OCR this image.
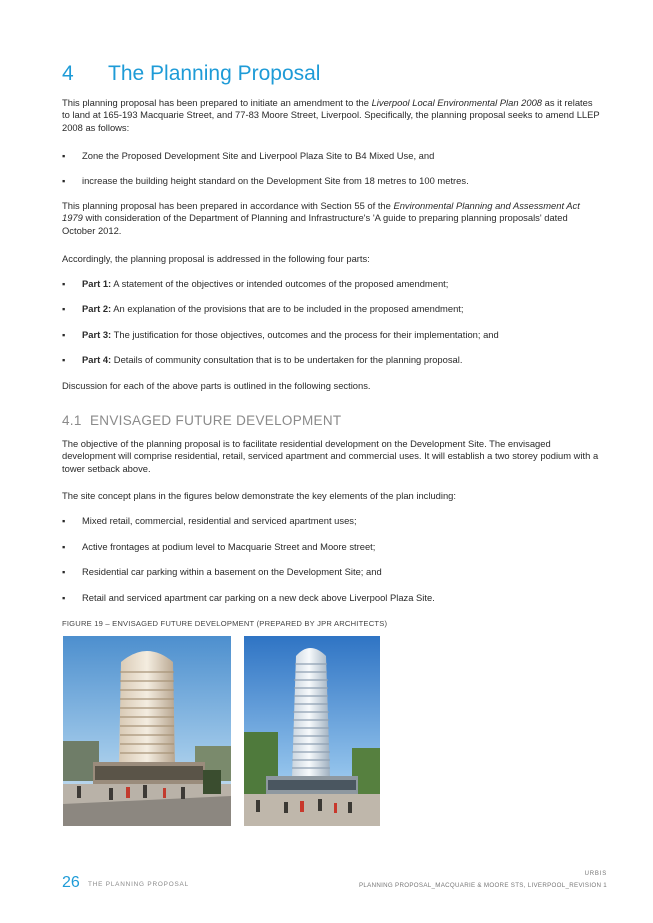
4 The Planning Proposal
This planning proposal has been prepared to initiate an amendment to the Liverpool Local Environmental Plan 2008 as it relates to land at 165-193 Macquarie Street, and 77-83 Moore Street, Liverpool. Specifically, the planning proposal seeks to amend LLEP 2008 as follows:
▪ Zone the Proposed Development Site and Liverpool Plaza Site to B4 Mixed Use, and
▪ increase the building height standard on the Development Site from 18 metres to 100 metres.
This planning proposal has been prepared in accordance with Section 55 of the Environmental Planning and Assessment Act 1979 with consideration of the Department of Planning and Infrastructure's 'A guide to preparing planning proposals' dated October 2012.
Accordingly, the planning proposal is addressed in the following four parts:
▪ Part 1: A statement of the objectives or intended outcomes of the proposed amendment;
▪ Part 2: An explanation of the provisions that are to be included in the proposed amendment;
▪ Part 3: The justification for those objectives, outcomes and the process for their implementation; and
▪ Part 4: Details of community consultation that is to be undertaken for the planning proposal.
Discussion for each of the above parts is outlined in the following sections.
4.1 ENVISAGED FUTURE DEVELOPMENT
The objective of the planning proposal is to facilitate residential development on the Development Site. The envisaged development will comprise residential, retail, serviced apartment and commercial uses. It will establish a two storey podium with a tower setback above.
The site concept plans in the figures below demonstrate the key elements of the plan including:
▪ Mixed retail, commercial, residential and serviced apartment uses;
▪ Active frontages at podium level to Macquarie Street and Moore street;
▪ Residential car parking within a basement on the Development Site; and
▪ Retail and serviced apartment car parking on a new deck above Liverpool Plaza Site.
FIGURE 19 – ENVISAGED FUTURE DEVELOPMENT (PREPARED BY JPR ARCHITECTS)
26 THE PLANNING PROPOSAL
URBIS
PLANNING PROPOSAL_MACQUARIE & MOORE STS, LIVERPOOL_REVISION 1
